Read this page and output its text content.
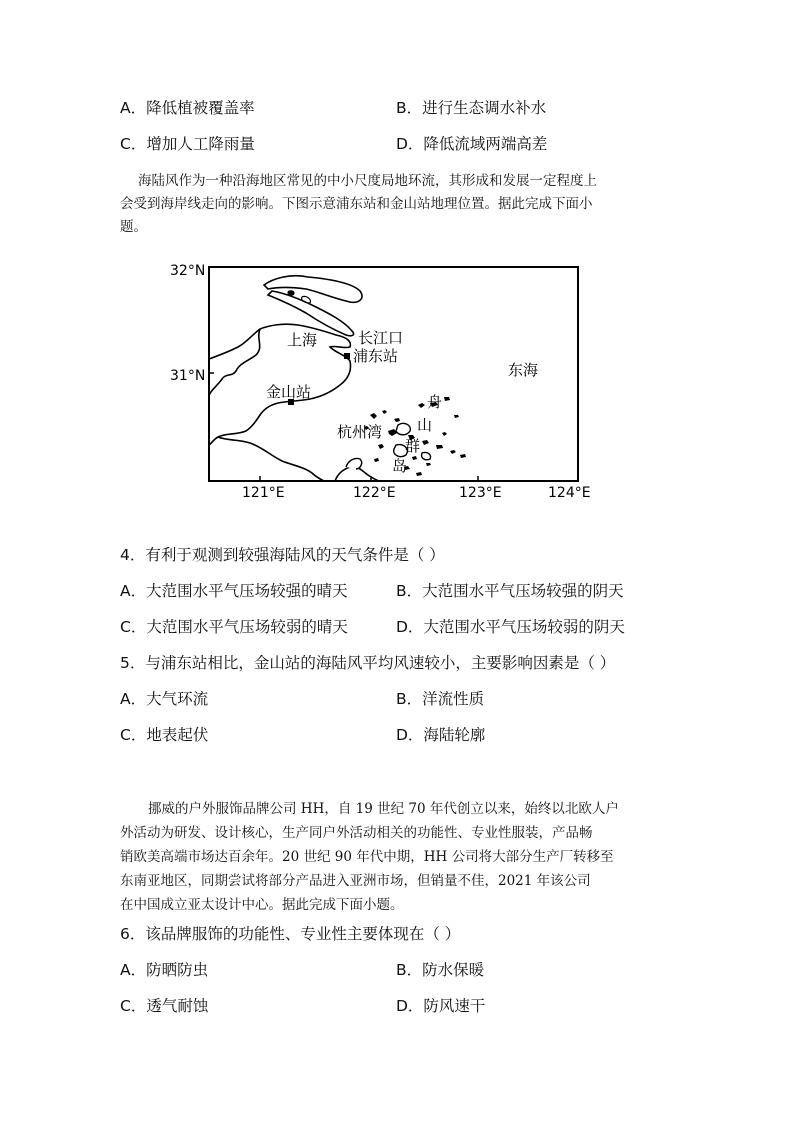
A．降低植被覆盖率	B．进行生态调水补水
C．增加人工降雨量	D．降低流域两端高差
海陆风作为一种沿海地区常见的中小尺度局地环流，其形成和发展一定程度上
会受到海岸线走向的影响。下图示意浦东站和金山站地理位置。据此完成下面小
题。
32°N
31°N
121°E	122°E	123°E	124°E
上海	长江口
浦东站
东海
金山站
杭州湾
舟
山
群
岛
4．有利于观测到较强海陆风的天气条件是（ ）
A．大范围水平气压场较强的晴天	B．大范围水平气压场较强的阴天
C．大范围水平气压场较弱的晴天	D．大范围水平气压场较弱的阴天
5．与浦东站相比，金山站的海陆风平均风速较小，主要影响因素是（ ）
A．大气环流	B．洋流性质
C．地表起伏	D．海陆轮廓
挪威的户外服饰品牌公司 HH，自 19 世纪 70 年代创立以来，始终以北欧人户
外活动为研发、设计核心，生产同户外活动相关的功能性、专业性服装，产品畅
销欧美高端市场达百余年。20 世纪 90 年代中期，HH 公司将大部分生产厂转移至
东南亚地区，同期尝试将部分产品进入亚洲市场，但销量不佳，2021 年该公司
在中国成立亚太设计中心。据此完成下面小题。
6．该品牌服饰的功能性、专业性主要体现在（ ）
A．防晒防虫	B．防水保暖
C．透气耐蚀	D．防风速干
